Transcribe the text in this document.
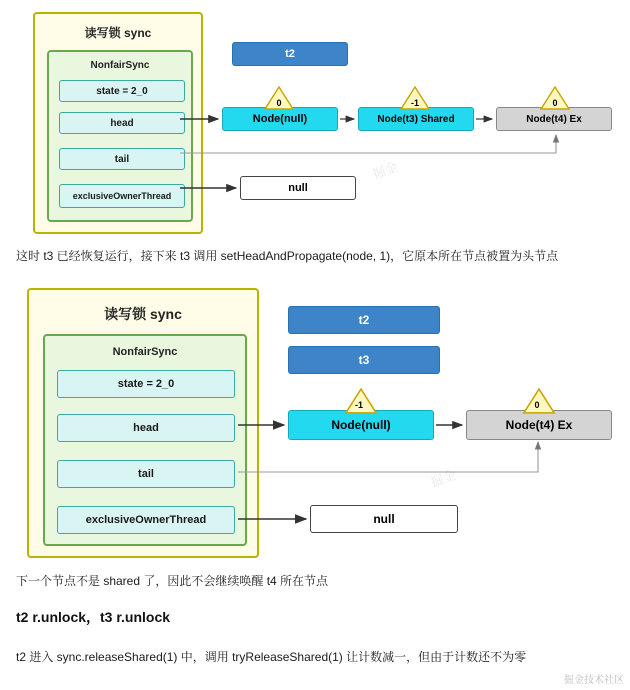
读写锁 sync
NonfairSync
state = 2_0
head
tail
exclusiveOwnerThread
t2
Node(null)	Node(t3) Shared	Node(t4) Ex
0	-1	0
null
掘金
这时 t3 已经恢复运行，接下来 t3 调用 setHeadAndPropagate(node, 1)，它原本所在节点被置为头节点
读写锁 sync
NonfairSync
state = 2_0
head
tail
exclusiveOwnerThread
t2
t3
Node(null)	Node(t4) Ex
-1	0
null
掘金
下一个节点不是 shared 了，因此不会继续唤醒 t4 所在节点
t2 r.unlock，t3 r.unlock
t2 进入 sync.releaseShared(1) 中，调用 tryReleaseShared(1) 让计数减一，但由于计数还不为零
掘金技术社区
